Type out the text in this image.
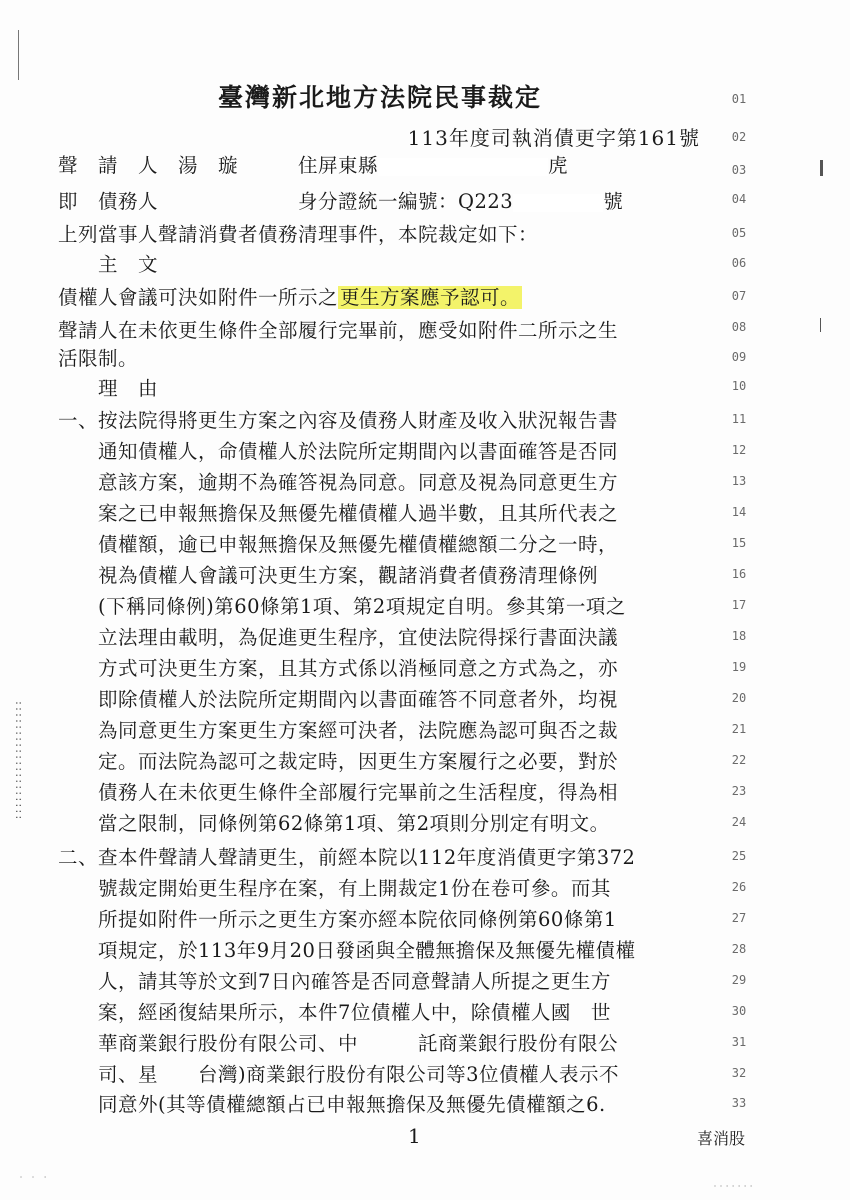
臺灣新北地方法院民事裁定
113年度司執消債更字第161號
聲　請　人　湯　璇　　　住屏東縣	虎
即　債務人　　　　　　　身分證統一編號：Q223	號
上列當事人聲請消費者債務清理事件，本院裁定如下：
　　主　文
債權人會議可決如附件一所示之 更生方案應予認可。
聲請人在未依更生條件全部履行完畢前，應受如附件二所示之生
活限制。
　　理　由
一、按法院得將更生方案之內容及債務人財產及收入狀況報告書
　　通知債權人，命債權人於法院所定期間內以書面確答是否同
　　意該方案，逾期不為確答視為同意。同意及視為同意更生方
　　案之已申報無擔保及無優先權債權人過半數，且其所代表之
　　債權額，逾已申報無擔保及無優先權債權總額二分之一時，
　　視為債權人會議可決更生方案，觀諸消費者債務清理條例
　　(下稱同條例)第60條第1項、第2項規定自明。參其第一項之
　　立法理由載明，為促進更生程序，宜使法院得採行書面決議
　　方式可決更生方案，且其方式係以消極同意之方式為之，亦
　　即除債權人於法院所定期間內以書面確答不同意者外，均視
　　為同意更生方案更生方案經可決者，法院應為認可與否之裁
　　定。而法院為認可之裁定時，因更生方案履行之必要，對於
　　債務人在未依更生條件全部履行完畢前之生活程度，得為相
　　當之限制，同條例第62條第1項、第2項則分別定有明文。
二、查本件聲請人聲請更生，前經本院以112年度消債更字第372
　　號裁定開始更生程序在案，有上開裁定1份在卷可參。而其
　　所提如附件一所示之更生方案亦經本院依同條例第60條第1
　　項規定，於113年9月20日發函與全體無擔保及無優先權債權
　　人，請其等於文到7日內確答是否同意聲請人所提之更生方
　　案，經函復結果所示，本件7位債權人中，除債權人國　世
　　華商業銀行股份有限公司、中　　　託商業銀行股份有限公
　　司、星　　台灣)商業銀行股份有限公司等3位債權人表示不
　　同意外(其等債權總額占已申報無擔保及無優先債權額之6.
01
02
03
04
05
06
07
08
09
10
11
12
13
14
15
16
17
18
19
20
21
22
23
24
25
26
27
28
29
30
31
32
33
::::::::::::::::::::
1	喜消股
˙ ˙ ˙	˙˙˙˙˙˙˙
